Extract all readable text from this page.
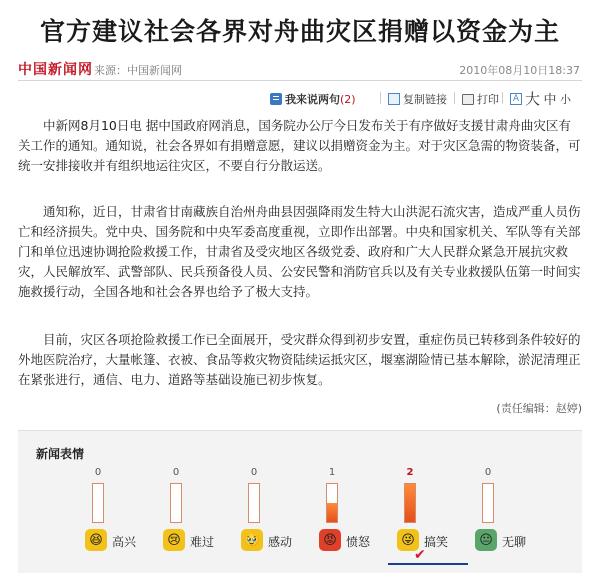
官方建议社会各界对舟曲灾区捐赠以资金为主
中国新闻网 来源：中国新闻网	2010年08月10日18:37
我来说两句 (2)	复制链接	打印	A 大
中
小

中新网8月10日电 据中国政府网消息，国务院办公厅今日发布关于有序做好支援甘肃舟曲灾区有关工作的通知。通知说，社会各界如有捐赠意愿，建议以捐赠资金为主。对于灾区急需的物资装备，可统一安排接收并有组织地运往灾区，不要自行分散运送。

通知称，近日，甘肃省甘南藏族自治州舟曲县因强降雨发生特大山洪泥石流灾害，造成严重人员伤亡和经济损失。党中央、国务院和中央军委高度重视，立即作出部署。中央和国家机关、军队等有关部门和单位迅速协调抢险救援工作，甘肃省及受灾地区各级党委、政府和广大人民群众紧急开展抗灾救灾，人民解放军、武警部队、民兵预备役人员、公安民警和消防官兵以及有关专业救援队伍第一时间实施救援行动，全国各地和社会各界也给予了极大支持。

目前，灾区各项抢险救援工作已全面展开，受灾群众得到初步安置，重症伤员已转移到条件较好的外地医院治疗，大量帐篷、衣被、食品等救灾物资陆续运抵灾区，堰塞湖险情已基本解除，淤泥清理正在紧张进行，通信、电力、道路等基础设施已初步恢复。

(责任编辑：赵婷)
新闻表情
0
😆 高兴
0
😢 难过
0
🥹 感动
1
😡 愤怒
2
😜 搞笑
✔
0
😐 无聊
